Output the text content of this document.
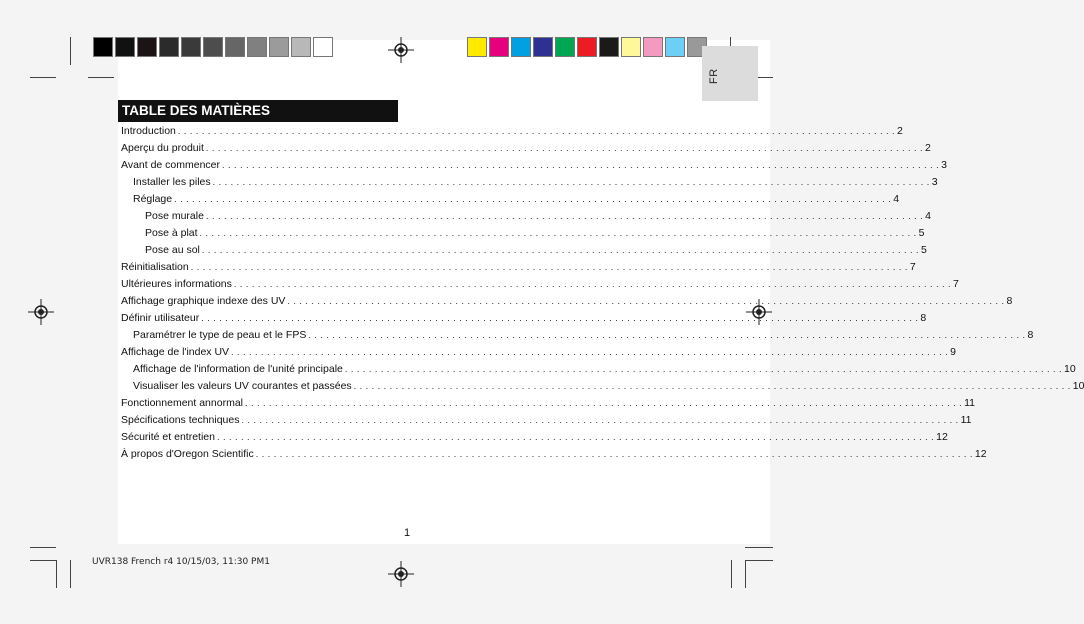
FR
TABLE DES MATIÈRES
Introduction . . . . . . . . . . . . . . . . . . . . . . . . . . . . . . . . . . . . . . . . . . . . . . . . . . . . . . . . . . . . . . . . . . . . . . . . . . . . . . . . . . . . . . . . . . . . . . . . . . . . . . . . . . . . . . . . . . . . . . . . 2
Aperçu du produit . . . . . . . . . . . . . . . . . . . . . . . . . . . . . . . . . . . . . . . . . . . . . . . . . . . . . . . . . . . . . . . . . . . . . . . . . . . . . . . . . . . . . . . . . . . . . . . . . . . . . . . . . . . . . . . . . . . . . . . . 2
Avant de commencer . . . . . . . . . . . . . . . . . . . . . . . . . . . . . . . . . . . . . . . . . . . . . . . . . . . . . . . . . . . . . . . . . . . . . . . . . . . . . . . . . . . . . . . . . . . . . . . . . . . . . . . . . . . . . . . . . . . . . . . . 3
Installer les piles . . . . . . . . . . . . . . . . . . . . . . . . . . . . . . . . . . . . . . . . . . . . . . . . . . . . . . . . . . . . . . . . . . . . . . . . . . . . . . . . . . . . . . . . . . . . . . . . . . . . . . . . . . . . . . . . . . . . . . . . 3
Réglage . . . . . . . . . . . . . . . . . . . . . . . . . . . . . . . . . . . . . . . . . . . . . . . . . . . . . . . . . . . . . . . . . . . . . . . . . . . . . . . . . . . . . . . . . . . . . . . . . . . . . . . . . . . . . . . . . . . . . . . . 4
Pose murale . . . . . . . . . . . . . . . . . . . . . . . . . . . . . . . . . . . . . . . . . . . . . . . . . . . . . . . . . . . . . . . . . . . . . . . . . . . . . . . . . . . . . . . . . . . . . . . . . . . . . . . . . . . . . . . . . . . . . . . . 4
Pose à plat . . . . . . . . . . . . . . . . . . . . . . . . . . . . . . . . . . . . . . . . . . . . . . . . . . . . . . . . . . . . . . . . . . . . . . . . . . . . . . . . . . . . . . . . . . . . . . . . . . . . . . . . . . . . . . . . . . . . . . . . 5
Pose au sol . . . . . . . . . . . . . . . . . . . . . . . . . . . . . . . . . . . . . . . . . . . . . . . . . . . . . . . . . . . . . . . . . . . . . . . . . . . . . . . . . . . . . . . . . . . . . . . . . . . . . . . . . . . . . . . . . . . . . . . . 5
Réinitialisation . . . . . . . . . . . . . . . . . . . . . . . . . . . . . . . . . . . . . . . . . . . . . . . . . . . . . . . . . . . . . . . . . . . . . . . . . . . . . . . . . . . . . . . . . . . . . . . . . . . . . . . . . . . . . . . . . . . . . . . . 7
Ultérieures informations . . . . . . . . . . . . . . . . . . . . . . . . . . . . . . . . . . . . . . . . . . . . . . . . . . . . . . . . . . . . . . . . . . . . . . . . . . . . . . . . . . . . . . . . . . . . . . . . . . . . . . . . . . . . . . . . . . . . . . . . 7
Affichage graphique indexe des UV . . . . . . . . . . . . . . . . . . . . . . . . . . . . . . . . . . . . . . . . . . . . . . . . . . . . . . . . . . . . . . . . . . . . . . . . . . . . . . . . . . . . . . . . . . . . . . . . . . . . . . . . . . . . . . . . . . . . . . . . 8
Définir utilisateur . . . . . . . . . . . . . . . . . . . . . . . . . . . . . . . . . . . . . . . . . . . . . . . . . . . . . . . . . . . . . . . . . . . . . . . . . . . . . . . . . . . . . . . . . . . . . . . . . . . . . . . . . . . . . . . . . . . . . . . . 8
Paramétrer le type de peau et le FPS . . . . . . . . . . . . . . . . . . . . . . . . . . . . . . . . . . . . . . . . . . . . . . . . . . . . . . . . . . . . . . . . . . . . . . . . . . . . . . . . . . . . . . . . . . . . . . . . . . . . . . . . . . . . . . . . . . . . . . . . 8
Affichage de l'index UV . . . . . . . . . . . . . . . . . . . . . . . . . . . . . . . . . . . . . . . . . . . . . . . . . . . . . . . . . . . . . . . . . . . . . . . . . . . . . . . . . . . . . . . . . . . . . . . . . . . . . . . . . . . . . . . . . . . . . . . . 9
Affichage de l'information de l'unité principale . . . . . . . . . . . . . . . . . . . . . . . . . . . . . . . . . . . . . . . . . . . . . . . . . . . . . . . . . . . . . . . . . . . . . . . . . . . . . . . . . . . . . . . . . . . . . . . . . . . . . . . . . . . . . . . . . . . . . . . . 10
Visualiser les valeurs UV courantes et passées . . . . . . . . . . . . . . . . . . . . . . . . . . . . . . . . . . . . . . . . . . . . . . . . . . . . . . . . . . . . . . . . . . . . . . . . . . . . . . . . . . . . . . . . . . . . . . . . . . . . . . . . . . . . . . . . . . . . . . . . 10
Fonctionnement annormal . . . . . . . . . . . . . . . . . . . . . . . . . . . . . . . . . . . . . . . . . . . . . . . . . . . . . . . . . . . . . . . . . . . . . . . . . . . . . . . . . . . . . . . . . . . . . . . . . . . . . . . . . . . . . . . . . . . . . . . . 11
Spécifications techniques . . . . . . . . . . . . . . . . . . . . . . . . . . . . . . . . . . . . . . . . . . . . . . . . . . . . . . . . . . . . . . . . . . . . . . . . . . . . . . . . . . . . . . . . . . . . . . . . . . . . . . . . . . . . . . . . . . . . . . . . 11
Sécurité et entretien . . . . . . . . . . . . . . . . . . . . . . . . . . . . . . . . . . . . . . . . . . . . . . . . . . . . . . . . . . . . . . . . . . . . . . . . . . . . . . . . . . . . . . . . . . . . . . . . . . . . . . . . . . . . . . . . . . . . . . . . 12
À propos d'Oregon Scientific . . . . . . . . . . . . . . . . . . . . . . . . . . . . . . . . . . . . . . . . . . . . . . . . . . . . . . . . . . . . . . . . . . . . . . . . . . . . . . . . . . . . . . . . . . . . . . . . . . . . . . . . . . . . . . . . . . . . . . . . 12
1
UVR138 French r4 10/15/03, 11:30 PM1
